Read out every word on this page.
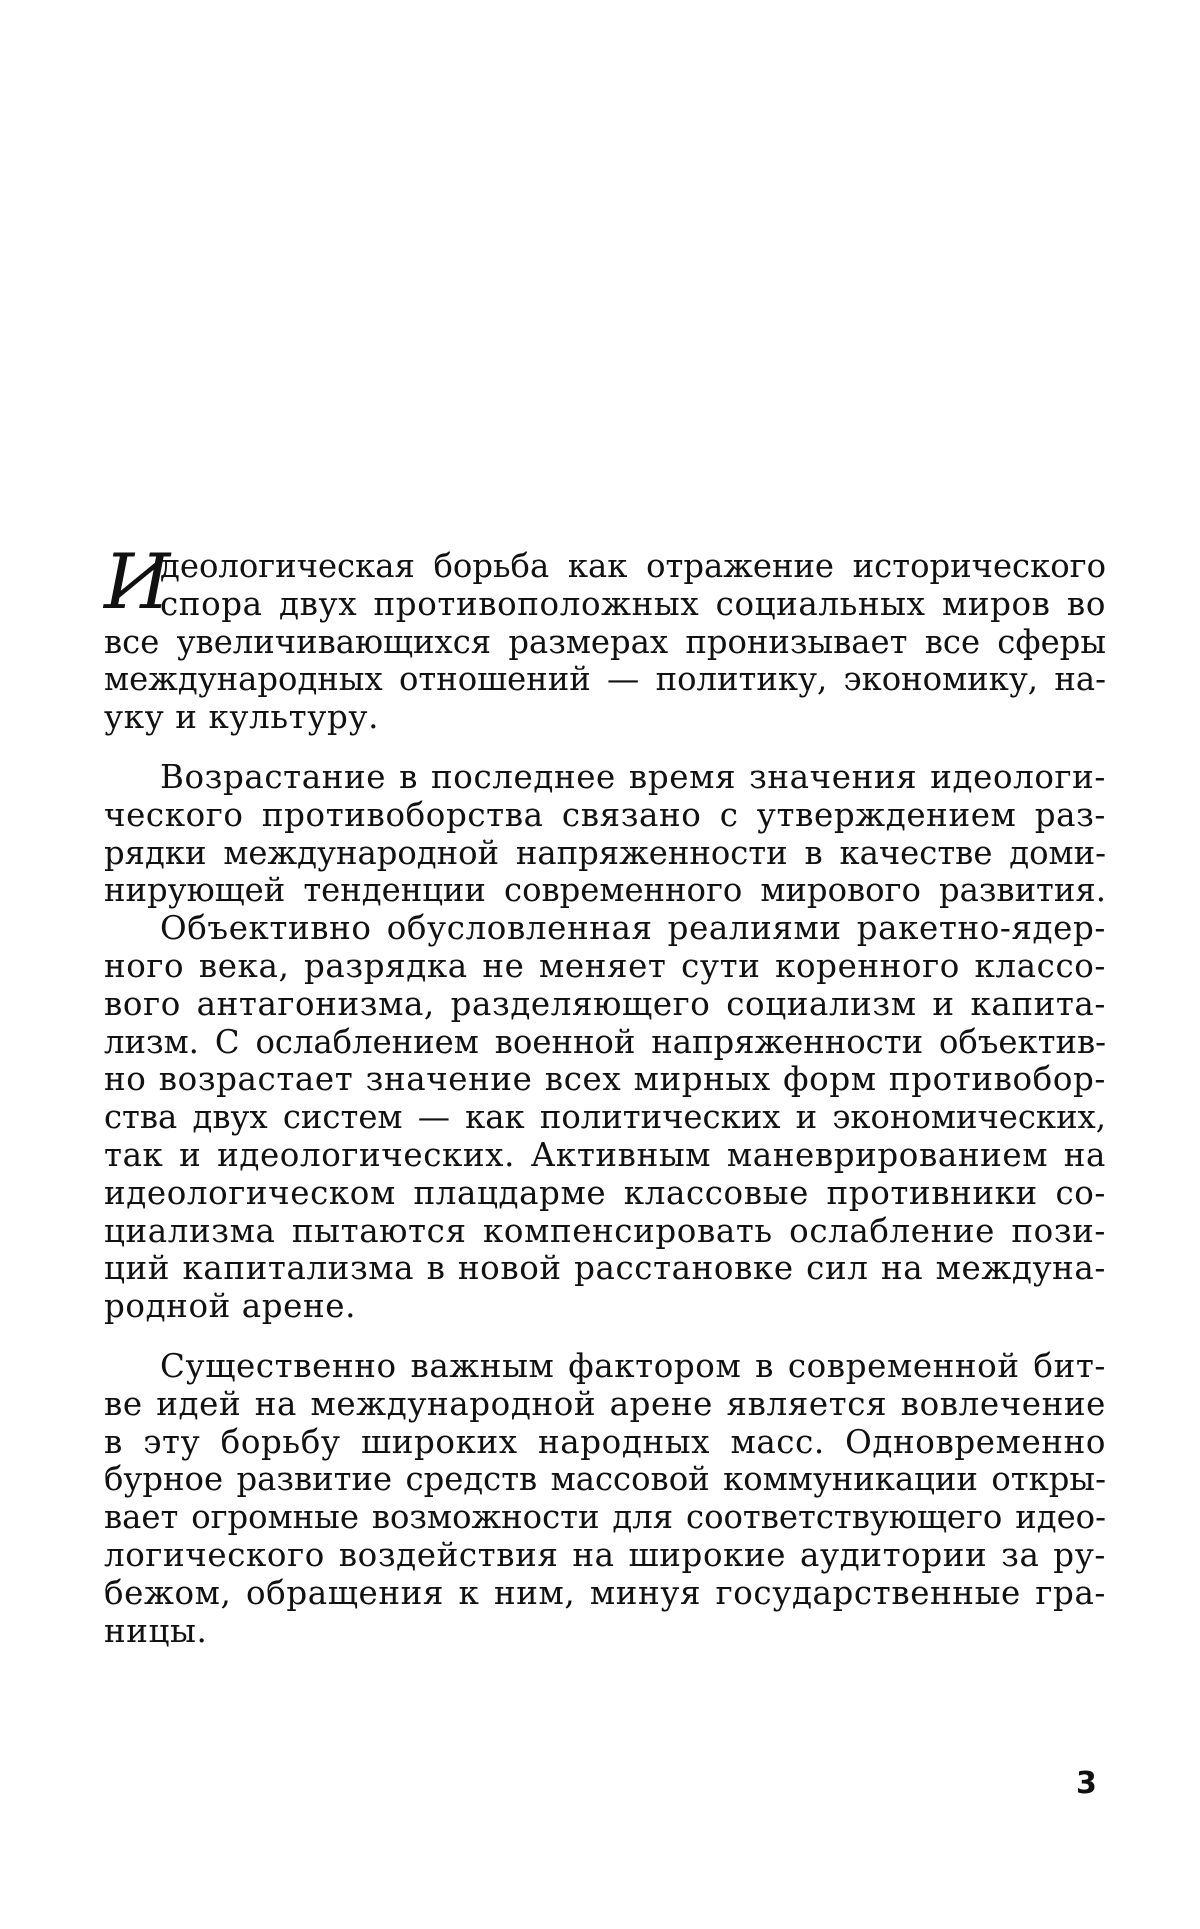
И
деологическая борьба как отражение исторического
спора двух противоположных социальных миров во
все увеличивающихся размерах пронизывает все сферы
международных отношений — политику, экономику, на-
уку и культуру.
Возрастание в последнее время значения идеологи-
ческого противоборства связано с утверждением раз-
рядки международной напряженности в качестве доми-
нирующей тенденции современного мирового развития.
Объективно обусловленная реалиями ракетно-ядер-
ного века, разрядка не меняет сути коренного классо-
вого антагонизма, разделяющего социализм и капита-
лизм. С ослаблением военной напряженности объектив-
но возрастает значение всех мирных форм противобор-
ства двух систем — как политических и экономических,
так и идеологических. Активным маневрированием на
идеологическом плацдарме классовые противники со-
циализма пытаются компенсировать ослабление пози-
ций капитализма в новой расстановке сил на междуна-
родной арене.
Существенно важным фактором в современной бит-
ве идей на международной арене является вовлечение
в эту борьбу широких народных масс. Одновременно
бурное развитие средств массовой коммуникации откры-
вает огромные возможности для соответствующего идео-
логического воздействия на широкие аудитории за ру-
бежом, обращения к ним, минуя государственные гра-
ницы.
3
